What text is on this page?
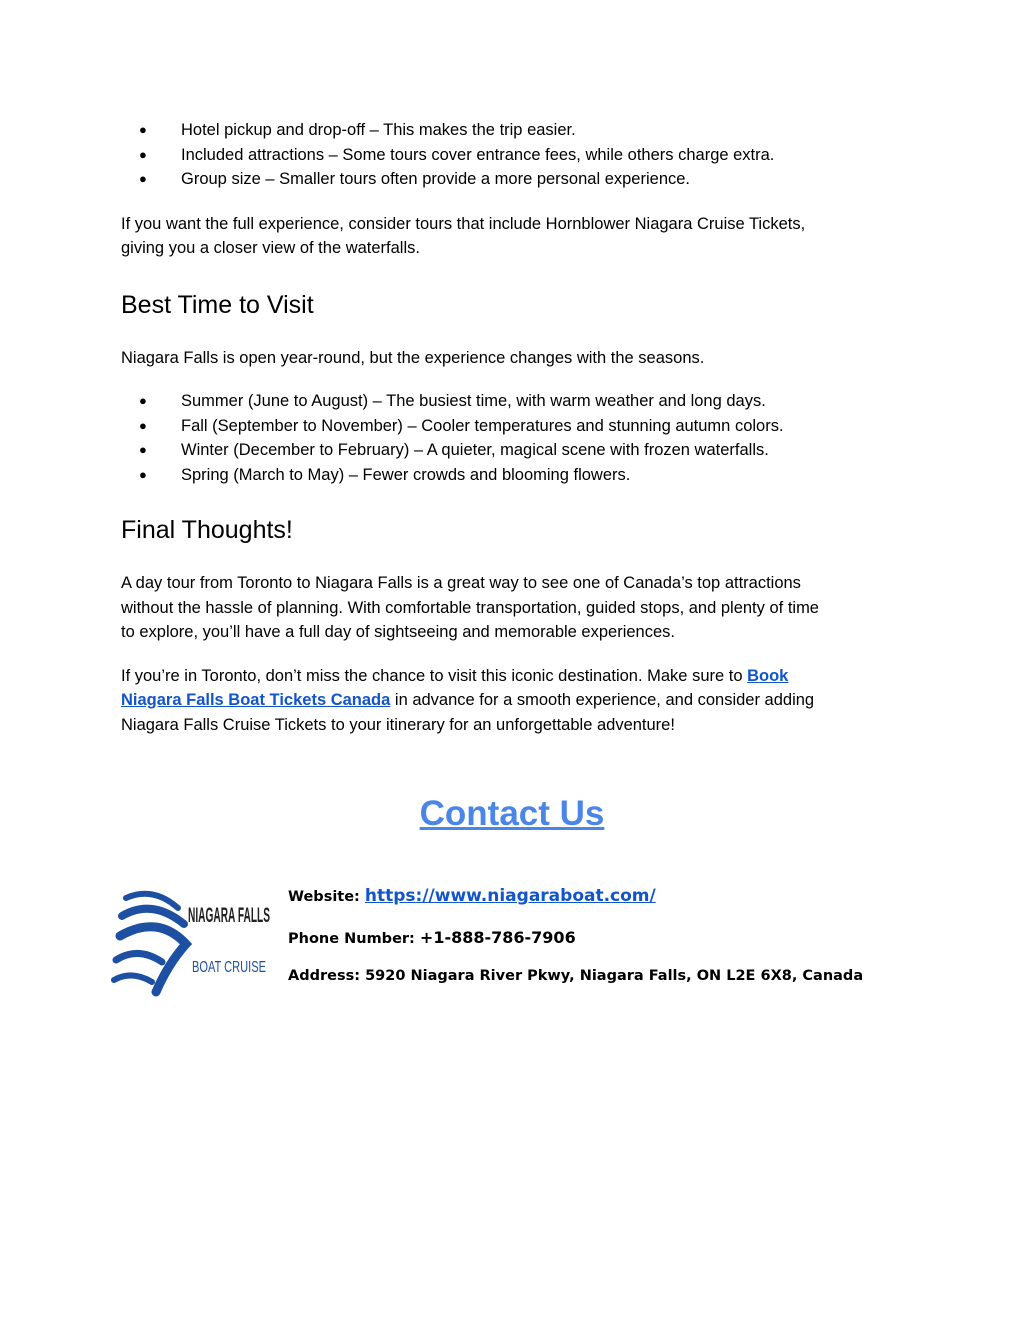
● Hotel pickup and drop-off – This makes the trip easier.
● Included attractions – Some tours cover entrance fees, while others charge extra.
● Group size – Smaller tours often provide a more personal experience.

If you want the full experience, consider tours that include Hornblower Niagara Cruise Tickets,
giving you a closer view of the waterfalls.

Best Time to Visit

Niagara Falls is open year-round, but the experience changes with the seasons.

● Summer (June to August) – The busiest time, with warm weather and long days.
● Fall (September to November) – Cooler temperatures and stunning autumn colors.
● Winter (December to February) – A quieter, magical scene with frozen waterfalls.
● Spring (March to May) – Fewer crowds and blooming flowers.
Final Thoughts!

A day tour from Toronto to Niagara Falls is a great way to see one of Canada’s top attractions
without the hassle of planning. With comfortable transportation, guided stops, and plenty of time
to explore, you’ll have a full day of sightseeing and memorable experiences.

If you’re in Toronto, don’t miss the chance to visit this iconic destination. Make sure to Book
Niagara Falls Boat Tickets Canada in advance for a smooth experience, and consider adding
Niagara Falls Cruise Tickets to your itinerary for an unforgettable adventure!

Contact Us
NIAGARA FALLS
BOAT CRUISE
Website: https://www.niagaraboat.com/
Phone Number: +1-888-786-7906
Address: 5920 Niagara River Pkwy, Niagara Falls, ON L2E 6X8, Canada
